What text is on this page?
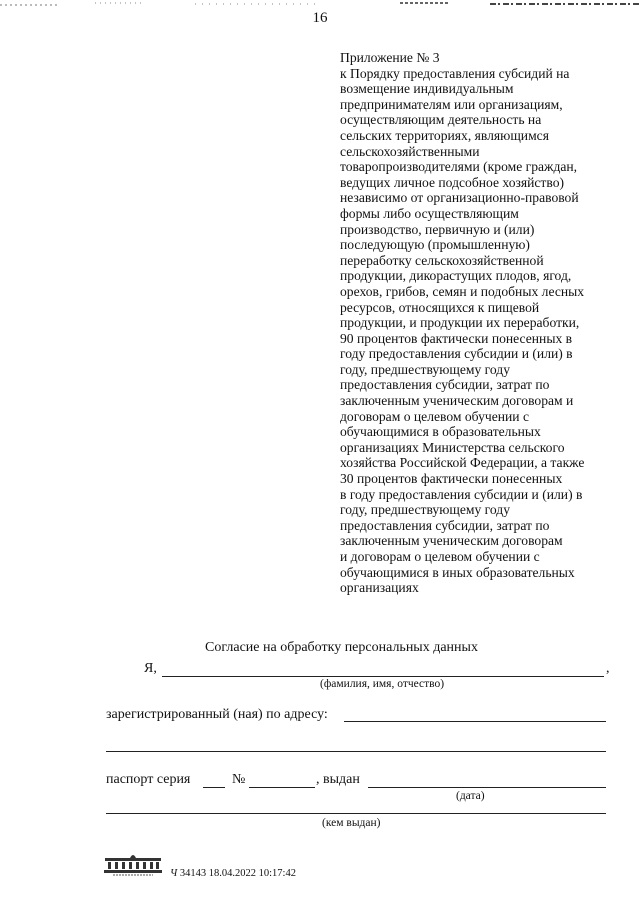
16
Приложение № 3
к Порядку предоставления субсидий на
возмещение индивидуальным
предпринимателям или организациям,
осуществляющим деятельность на
сельских территориях, являющимся
сельскохозяйственными
товаропроизводителями (кроме граждан,
ведущих личное подсобное хозяйство)
независимо от организационно-правовой
формы либо осуществляющим
производство, первичную и (или)
последующую (промышленную)
переработку сельскохозяйственной
продукции, дикорастущих плодов, ягод,
орехов, грибов, семян и подобных лесных
ресурсов, относящихся к пищевой
продукции, и продукции их переработки,
90 процентов фактически понесенных в
году предоставления субсидии и (или) в
году, предшествующему году
предоставления субсидии, затрат по
заключенным ученическим договорам и
договорам о целевом обучении с
обучающимися в образовательных
организациях Министерства сельского
хозяйства Российской Федерации, а также
30 процентов фактически понесенных
в году предоставления субсидии и (или) в
году, предшествующему году
предоставления субсидии, затрат по
заключенным ученическим договорам
и договорам о целевом обучении с
обучающимися в иных образовательных
организациях
Согласие на обработку персональных данных
Я,	,
(фамилия, имя, отчество)
зарегистрированный (ная) по адресу:
паспорт серия	№	, выдан
(дата)
(кем выдан)
Ч 34143 18.04.2022 10:17:42
